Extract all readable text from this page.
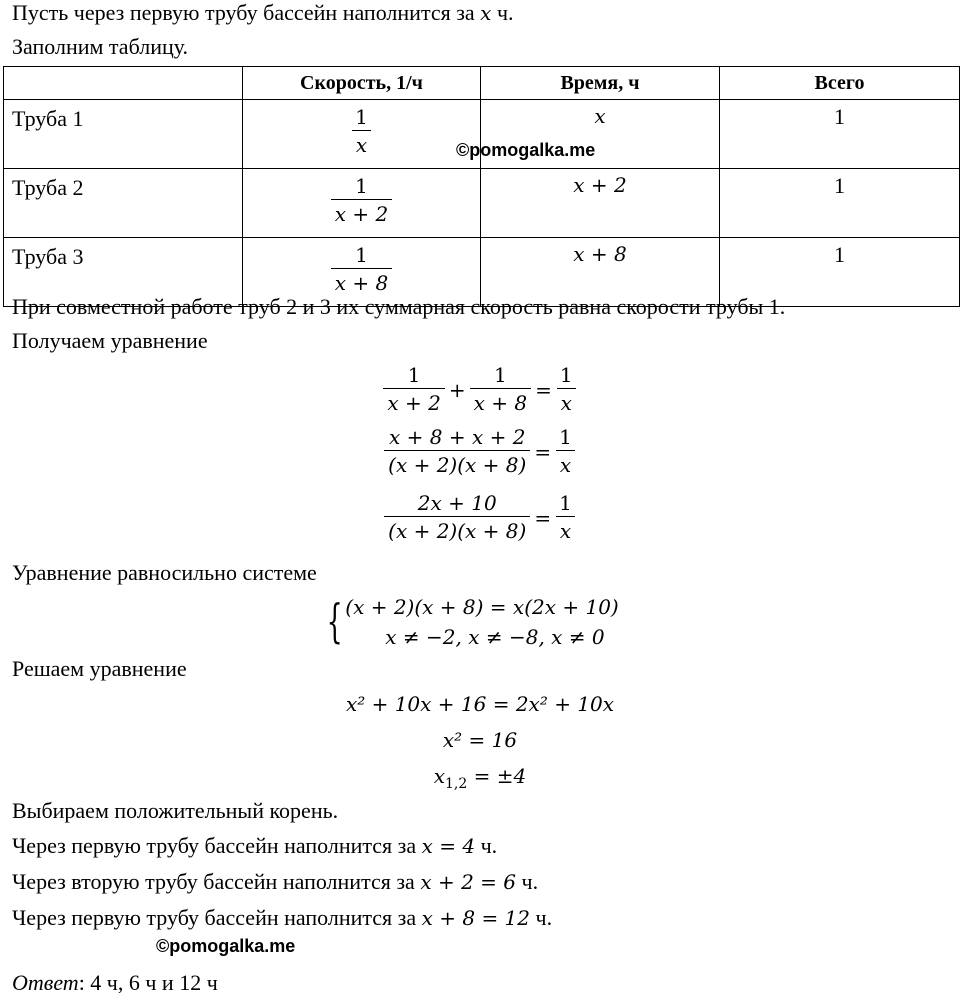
Пусть через первую трубу бассейн наполнится за x ч.
Заполним таблицу.
	Скорость, 1/ч	Время, ч	Всего
Труба 1	$\frac{1}{x}$	x	1
Труба 2	$\frac{1}{x + 2}$	x + 2	1
Труба 3	$\frac{1}{x + 8}$	x + 8	1
©pomogalka.me
При совместной работе труб 2 и 3 их суммарная скорость равна скорости трубы 1.
Получаем уравнение
$\frac{1}{x + 2} + \frac{1}{x + 8} = \frac{1}{x}$
$\frac{x + 8 + x + 2}{(x + 2)(x + 8)} = \frac{1}{x}$
$\frac{2x + 10}{(x + 2)(x + 8)} = \frac{1}{x}$
Уравнение равносильно системе
{ (x + 2)(x + 8) = x(2x + 10)
x ≠ −2, x ≠ −8, x ≠ 0
Решаем уравнение
x² + 10x + 16 = 2x² + 10x
x² = 16
$x_{1,2} = \pm 4$
Выбираем положительный корень.
Через первую трубу бассейн наполнится за x = 4 ч.
Через вторую трубу бассейн наполнится за x + 2 = 6 ч.
Через первую трубу бассейн наполнится за x + 8 = 12 ч.
©pomogalka.me
Ответ: 4 ч, 6 ч и 12 ч
